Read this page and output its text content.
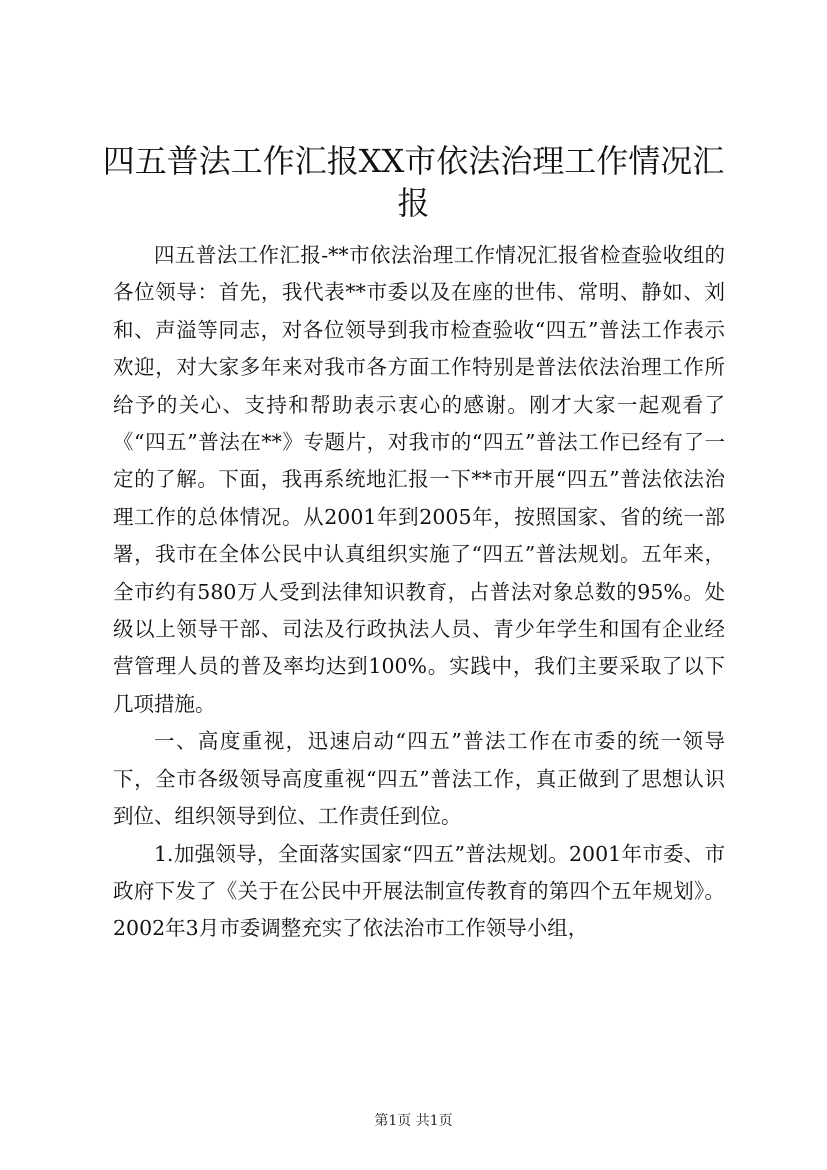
四五普法工作汇报XX市依法治理工作情况汇报

四五普法工作汇报-**市依法治理工作情况汇报省检查验收组的各位领导：首先，我代表**市委以及在座的世伟、常明、静如、刘和、声溢等同志，对各位领导到我市检查验收“四五”普法工作表示欢迎，对大家多年来对我市各方面工作特别是普法依法治理工作所给予的关心、支持和帮助表示衷心的感谢。刚才大家一起观看了《“四五”普法在**》专题片，对我市的“四五”普法工作已经有了一定的了解。下面，我再系统地汇报一下**市开展“四五”普法依法治理工作的总体情况。从2001年到2005年，按照国家、省的统一部署，我市在全体公民中认真组织实施了“四五”普法规划。五年来，全市约有580万人受到法律知识教育，占普法对象总数的95%。处级以上领导干部、司法及行政执法人员、青少年学生和国有企业经营管理人员的普及率均达到100%。实践中，我们主要采取了以下几项措施。

一、高度重视，迅速启动“四五”普法工作在市委的统一领导下，全市各级领导高度重视“四五”普法工作，真正做到了思想认识到位、组织领导到位、工作责任到位。

1.加强领导，全面落实国家“四五”普法规划。2001年市委、市政府下发了《关于在公民中开展法制宣传教育的第四个五年规划》。2002年3月市委调整充实了依法治市工作领导小组，

第1页 共1页
